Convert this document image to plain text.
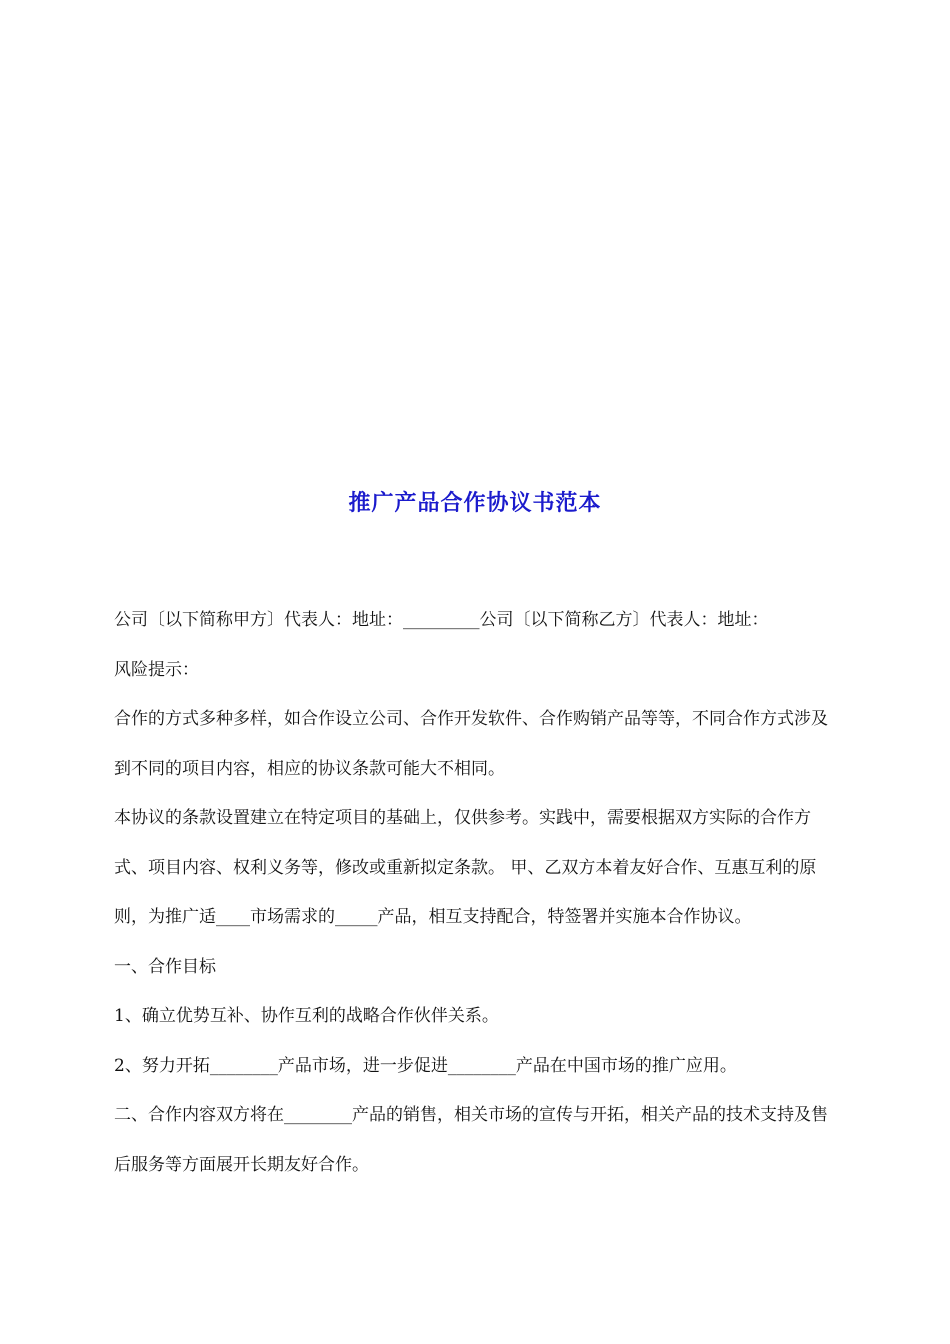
推广产品合作协议书范本

公司〔以下简称甲方〕代表人：地址：_________公司〔以下简称乙方〕代表人：地址：

风险提示：

合作的方式多种多样，如合作设立公司、合作开发软件、合作购销产品等等，不同合作方式涉及到不同的项目内容，相应的协议条款可能大不相同。

本协议的条款设置建立在特定项目的基础上，仅供参考。实践中，需要根据双方实际的合作方式、项目内容、权利义务等，修改或重新拟定条款。 甲、乙双方本着友好合作、互惠互利的原则，为推广适____市场需求的_____产品，相互支持配合，特签署并实施本合作协议。

一、合作目标

1、确立优势互补、协作互利的战略合作伙伴关系。

2、努力开拓________产品市场，进一步促进________产品在中国市场的推广应用。

二、合作内容双方将在________产品的销售，相关市场的宣传与开拓，相关产品的技术支持及售后服务等方面展开长期友好合作。
